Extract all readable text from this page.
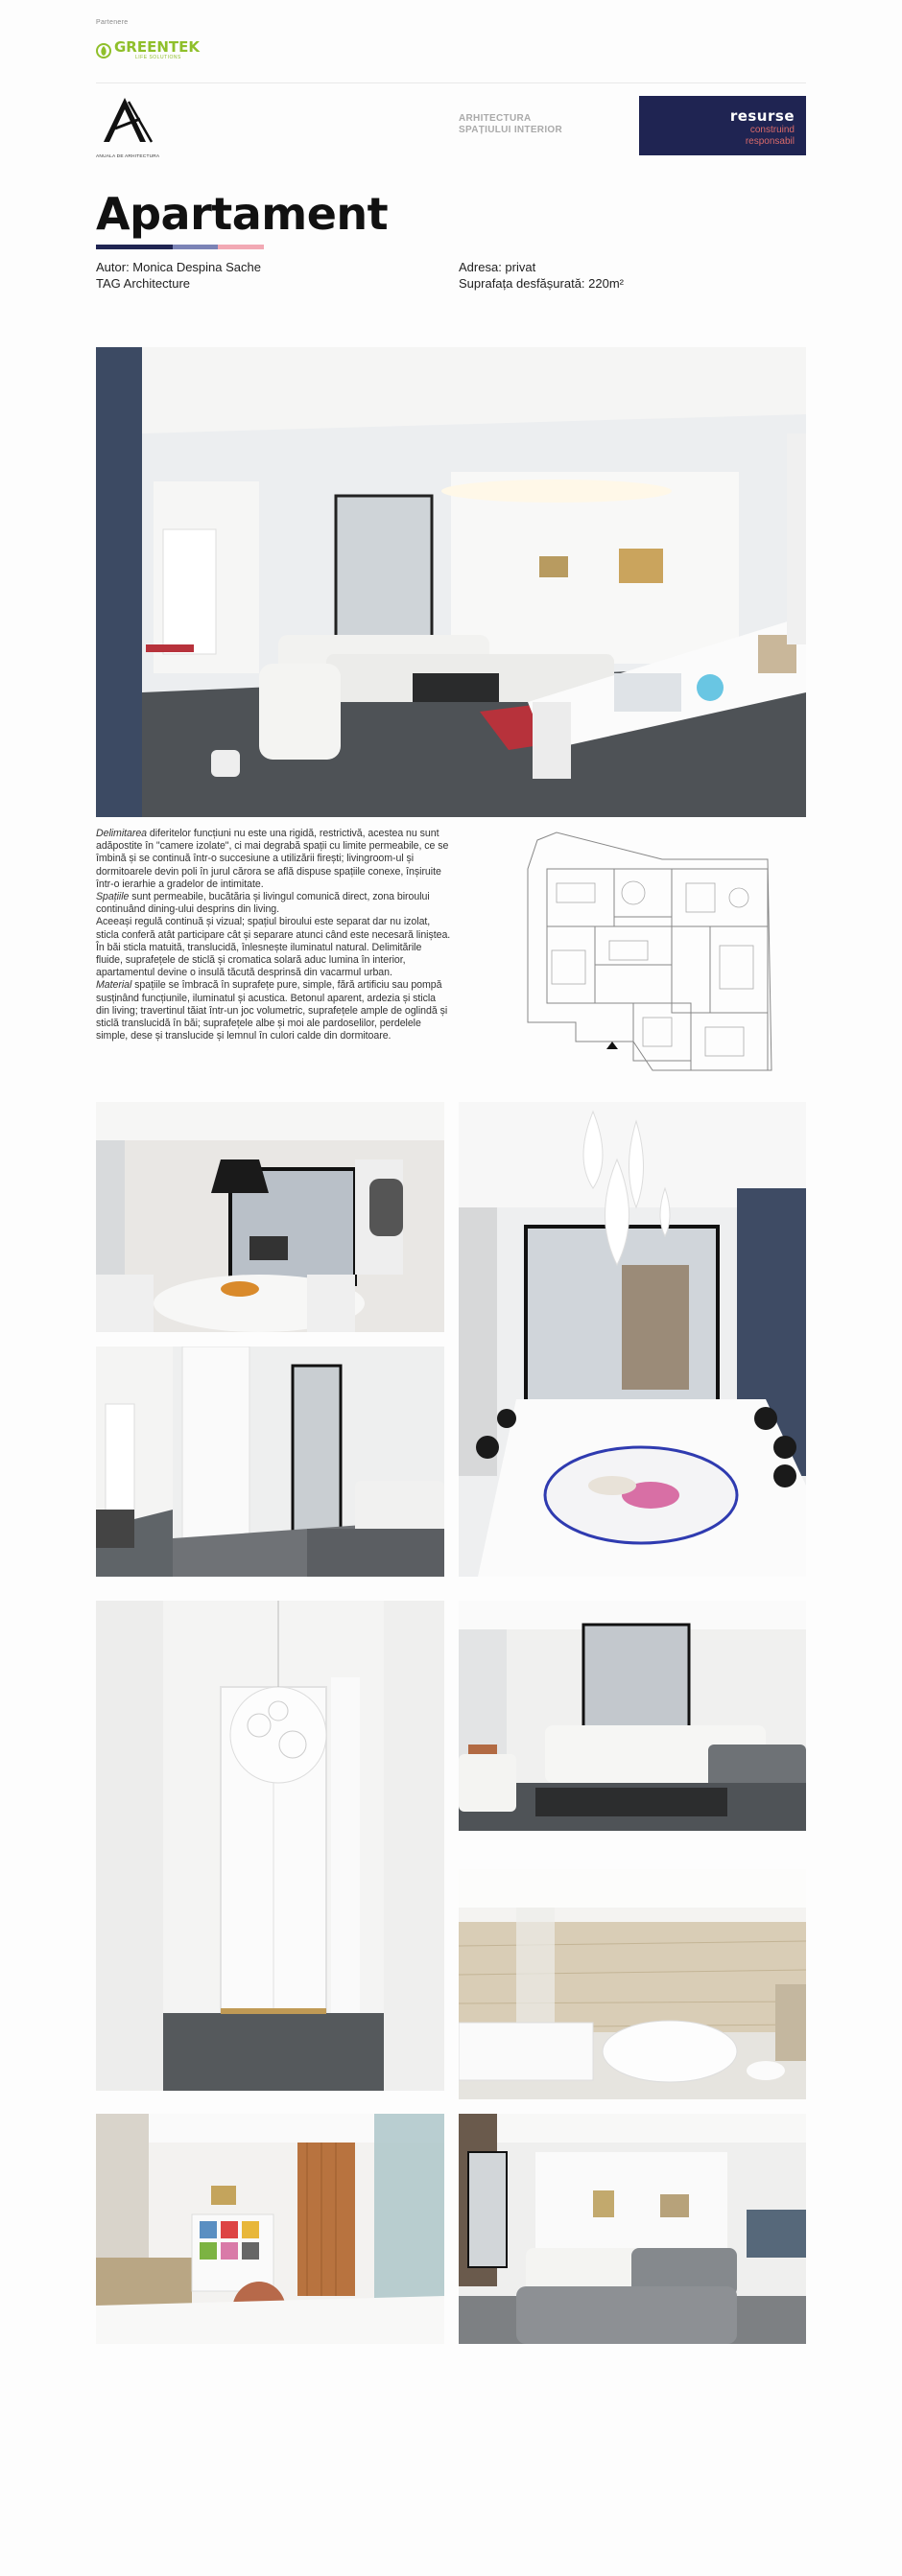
Partenere
GREENTEK
LIFE SOLUTIONS
ANUALA DE ARHITECTURA
ARHITECTURA SPAȚIULUI INTERIOR
resurse
construind
responsabil
Apartament
Autor: Monica Despina Sache
TAG Architecture
Adresa: privat
Suprafața desfășurată: 220m²
Delimitarea diferitelor funcțiuni nu este una rigidă, restrictivă, acestea nu sunt adăpostite în "camere izolate", ci mai degrabă spații cu limite permeabile, ce se îmbină și se continuă într-o succesiune a utilizării firești; livingroom-ul și dormitoarele devin poli în jurul cărora se află dispuse spațiile conexe, înșiruite într-o ierarhie a gradelor de intimitate.
Spațiile sunt permeabile, bucătăria și livingul comunică direct, zona biroului continuând dining-ului desprins din living.
Aceeași regulă continuă și vizual; spațiul biroului este separat dar nu izolat, sticla conferă atât participare cât și separare atunci când este necesară liniștea. În băi sticla matuită, translucidă, înlesnește iluminatul natural. Delimitările fluide, suprafețele de sticlă și cromatica solară aduc lumina în interior, apartamentul devine o insulă tăcută desprinsă din vacarmul urban.
Material spațiile se îmbracă în suprafețe pure, simple, fără artificiu sau pompă susținând funcțiunile, iluminatul și acustica. Betonul aparent, ardezia și sticla din living; travertinul tăiat într-un joc volumetric, suprafețele ample de oglindă și sticlă translucidă în băi; suprafețele albe și moi ale pardoselilor, perdelele simple, dese și translucide și lemnul în culori calde din dormitoare.
